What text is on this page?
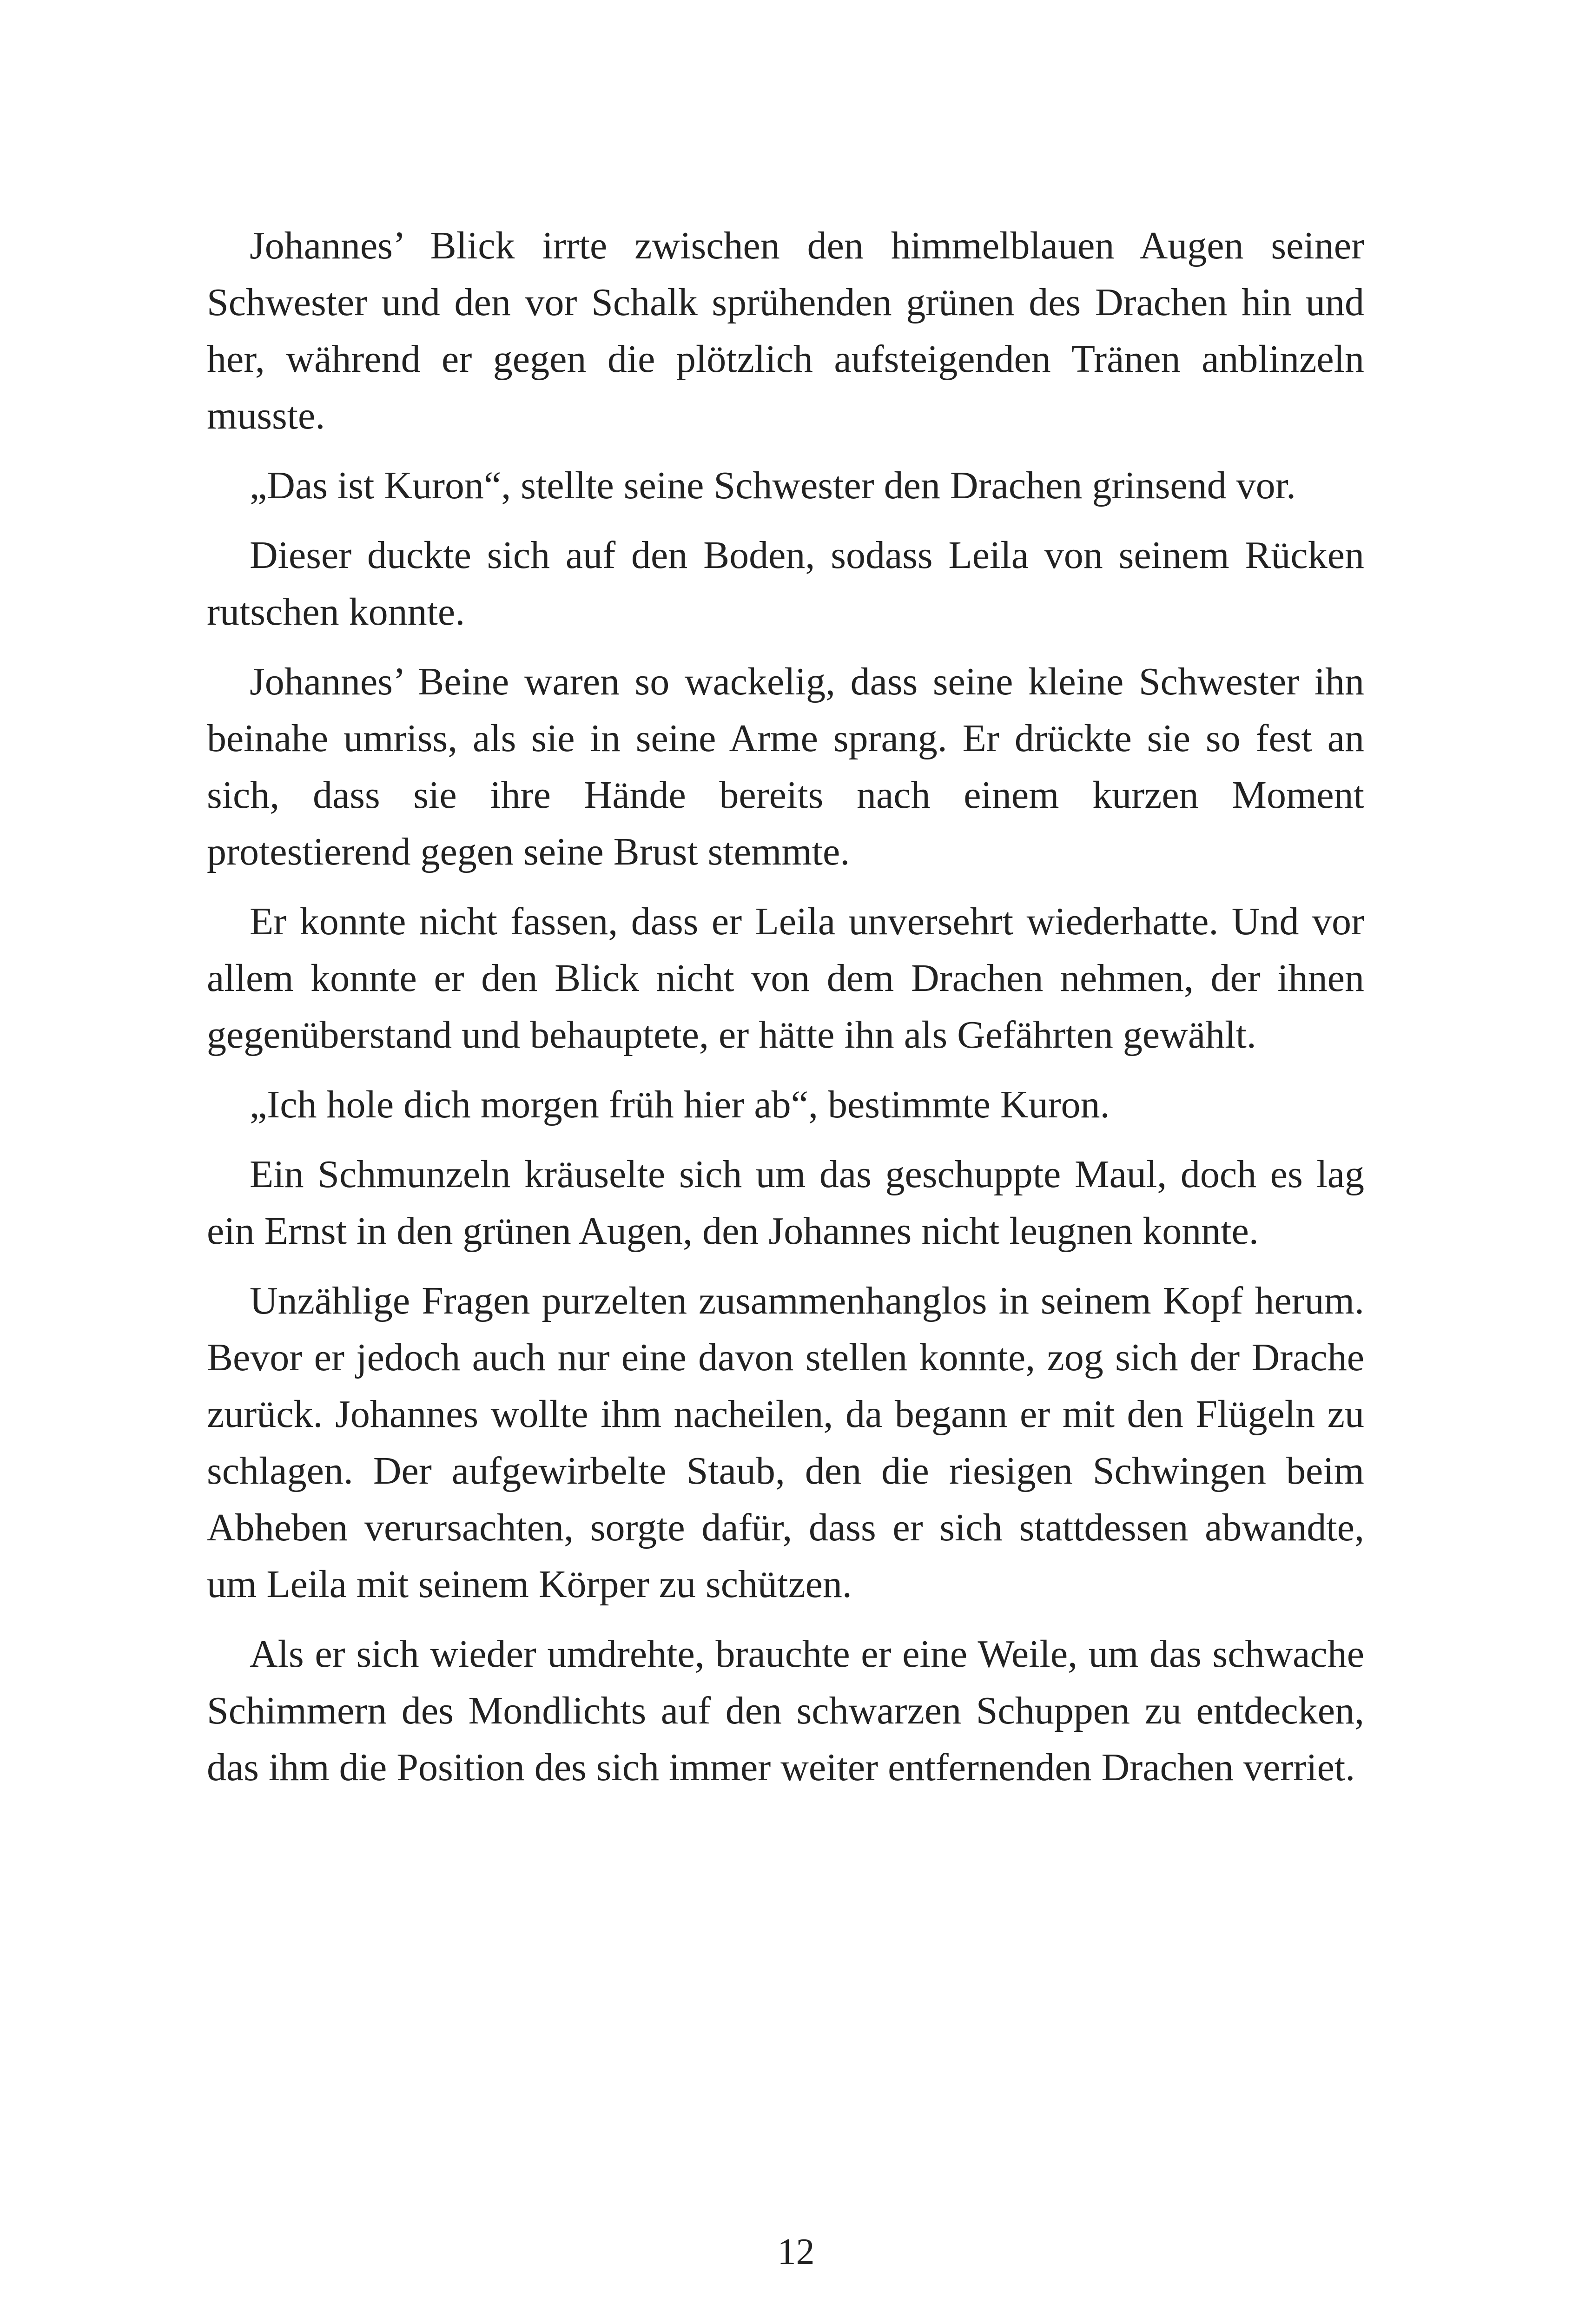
Johannes’ Blick irrte zwischen den himmelblauen Augen seiner Schwester und den vor Schalk sprühenden grünen des Drachen hin und her, während er gegen die plötzlich aufsteigenden Tränen anblinzeln musste.

„Das ist Kuron“, stellte seine Schwester den Drachen grinsend vor.

Dieser duckte sich auf den Boden, sodass Leila von seinem Rücken rutschen konnte.

Johannes’ Beine waren so wackelig, dass seine kleine Schwester ihn beinahe umriss, als sie in seine Arme sprang. Er drückte sie so fest an sich, dass sie ihre Hände bereits nach einem kurzen Moment protestierend gegen seine Brust stemmte.

Er konnte nicht fassen, dass er Leila unversehrt wiederhatte. Und vor allem konnte er den Blick nicht von dem Drachen nehmen, der ihnen gegenüberstand und behauptete, er hätte ihn als Gefährten gewählt.

„Ich hole dich morgen früh hier ab“, bestimmte Kuron.

Ein Schmunzeln kräuselte sich um das geschuppte Maul, doch es lag ein Ernst in den grünen Augen, den Johannes nicht leugnen konnte.

Unzählige Fragen purzelten zusammenhanglos in seinem Kopf herum. Bevor er jedoch auch nur eine davon stellen konnte, zog sich der Drache zurück. Johannes wollte ihm nacheilen, da begann er mit den Flügeln zu schlagen. Der aufgewirbelte Staub, den die riesigen Schwingen beim Abheben verursachten, sorgte dafür, dass er sich stattdessen abwandte, um Leila mit seinem Körper zu schützen.

Als er sich wieder umdrehte, brauchte er eine Weile, um das schwache Schimmern des Mondlichts auf den schwarzen Schuppen zu entdecken, das ihm die Position des sich immer weiter entfernenden Drachen verriet.

12
